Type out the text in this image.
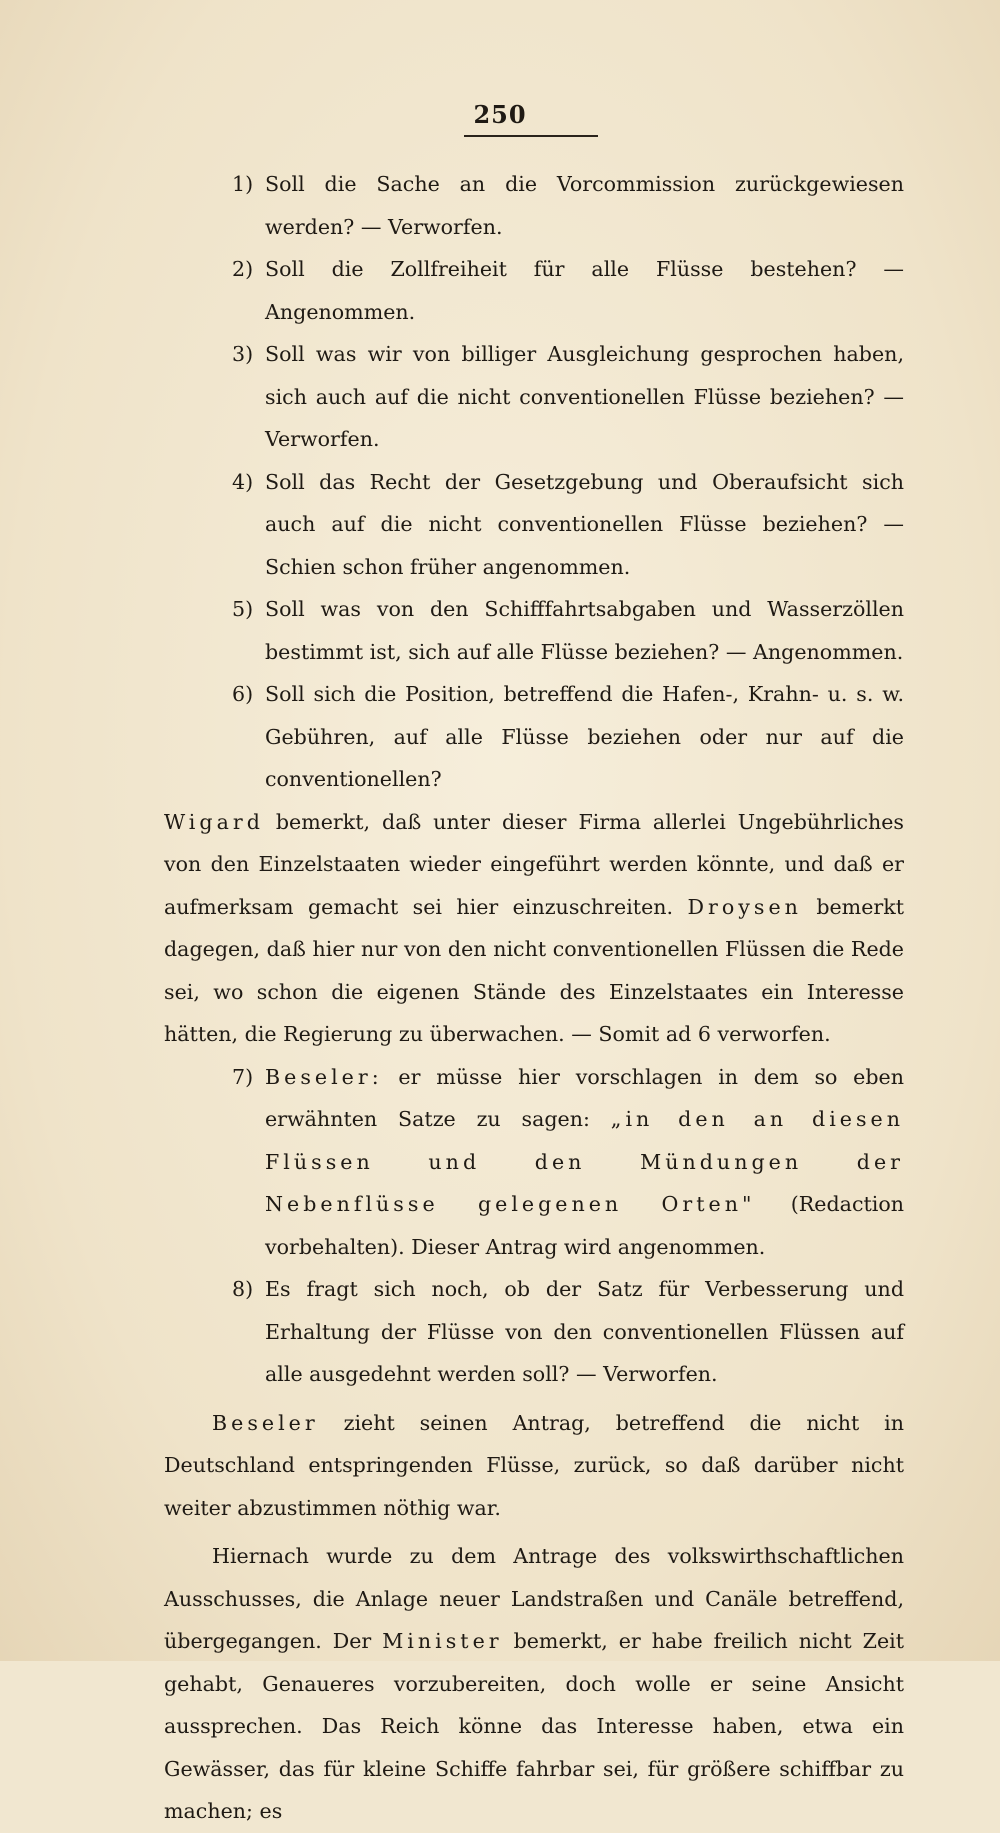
250

1) Soll die Sache an die Vorcommission zurückgewiesen werden? — Verworfen.

2) Soll die Zollfreiheit für alle Flüsse bestehen? — Angenommen.

3) Soll was wir von billiger Ausgleichung gesprochen haben, sich auch auf die nicht conventionellen Flüsse beziehen? — Verworfen.

4) Soll das Recht der Gesetzgebung und Oberaufsicht sich auch auf die nicht conventionellen Flüsse beziehen? — Schien schon früher angenommen.

5) Soll was von den Schifffahrtsabgaben und Wasserzöllen bestimmt ist, sich auf alle Flüsse beziehen? — Angenommen.

6) Soll sich die Position, betreffend die Hafen-, Krahn- u. s. w. Gebühren, auf alle Flüsse beziehen oder nur auf die conventionellen?

Wigard bemerkt, daß unter dieser Firma allerlei Ungebührliches von den Einzelstaaten wieder eingeführt werden könnte, und daß er aufmerksam gemacht sei hier einzuschreiten. Droysen bemerkt dagegen, daß hier nur von den nicht conventionellen Flüssen die Rede sei, wo schon die eigenen Stände des Einzelstaates ein Interesse hätten, die Regierung zu überwachen. — Somit ad 6 verworfen.

7) Beseler: er müsse hier vorschlagen in dem so eben erwähnten Satze zu sagen: „in den an diesen Flüssen und den Mündungen der Nebenflüsse gelegenen Orten" (Redaction vorbehalten). Dieser Antrag wird angenommen.

8) Es fragt sich noch, ob der Satz für Verbesserung und Erhaltung der Flüsse von den conventionellen Flüssen auf alle ausgedehnt werden soll? — Verworfen.

Beseler zieht seinen Antrag, betreffend die nicht in Deutschland entspringenden Flüsse, zurück, so daß darüber nicht weiter abzustimmen nöthig war.

Hiernach wurde zu dem Antrage des volkswirthschaftlichen Ausschusses, die Anlage neuer Landstraßen und Canäle betreffend, übergegangen. Der Minister bemerkt, er habe freilich nicht Zeit gehabt, Genaueres vorzubereiten, doch wolle er seine Ansicht aussprechen. Das Reich könne das Interesse haben, etwa ein Gewässer, das für kleine Schiffe fahrbar sei, für größere schiffbar zu machen; es
